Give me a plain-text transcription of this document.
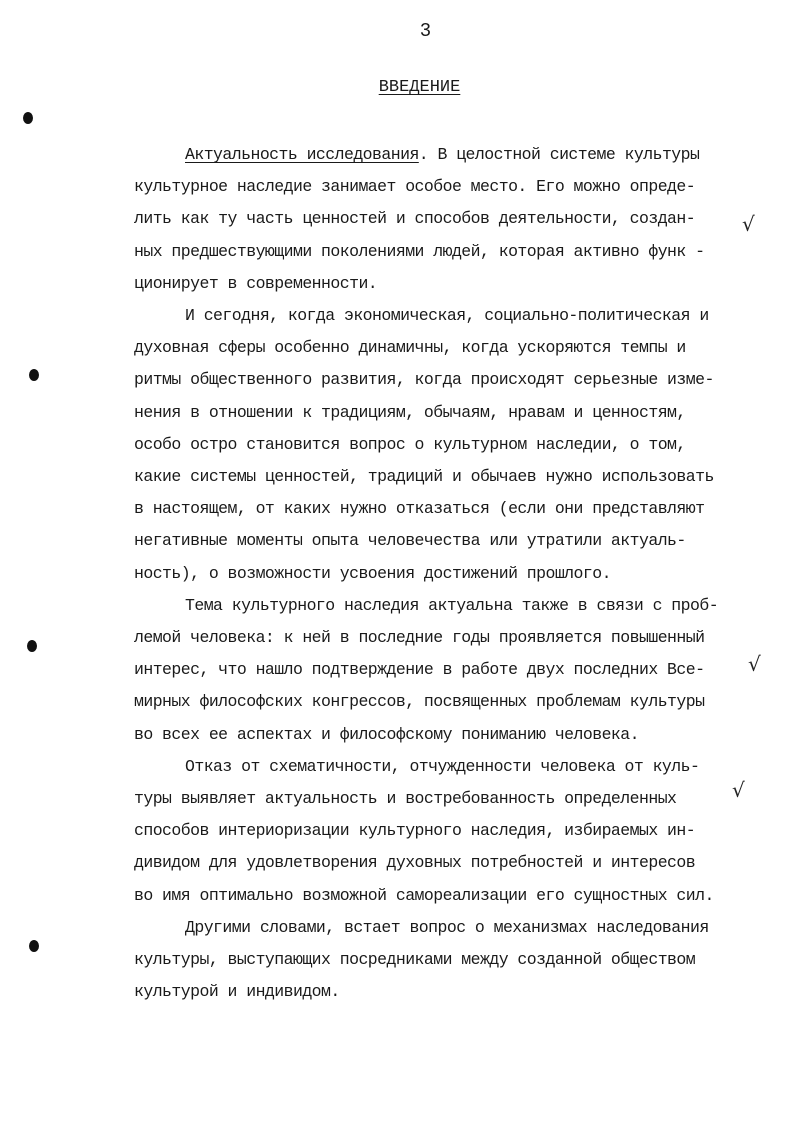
√
√
√
3
ВВЕДЕНИЕ

Актуальность исследования. В целостной системе культуры
культурное наследие занимает особое место. Его можно опреде-
лить как ту часть ценностей и способов деятельности, создан-
ных предшествующими поколениями людей, которая активно функ -
ционирует в современности.

И сегодня, когда экономическая, социально-политическая и
духовная сферы особенно динамичны, когда ускоряются темпы и
ритмы общественного развития, когда происходят серьезные изме-
нения в отношении к традициям, обычаям, нравам и ценностям,
особо остро становится вопрос о культурном наследии, о том,
какие системы ценностей, традиций и обычаев нужно использовать
в настоящем, от каких нужно отказаться (если они представляют
негативные моменты опыта человечества или утратили актуаль-
ность), о возможности усвоения достижений прошлого.

Тема культурного наследия актуальна также в связи с проб-
лемой человека: к ней в последние годы проявляется повышенный
интерес, что нашло подтверждение в работе двух последних Все-
мирных философских конгрессов, посвященных проблемам культуры
во всех ее аспектах и философскому пониманию человека.

Отказ от схематичности, отчужденности человека от куль-
туры выявляет актуальность и востребованность определенных
способов интериоризации культурного наследия, избираемых ин-
дивидом для удовлетворения духовных потребностей и интересов
во имя оптимально возможной самореализации его сущностных сил.

Другими словами, встает вопрос о механизмах наследования
культуры, выступающих посредниками между созданной обществом
культурой и индивидом.
